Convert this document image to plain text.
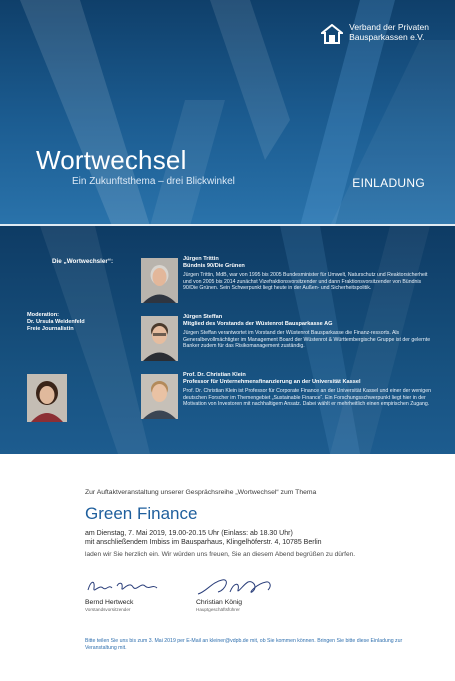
Verband der Privaten
Bausparkassen e.V.
Wortwechsel
Ein Zukunftsthema – drei Blickwinkel	EINLADUNG
Die „Wortwechsler“:
Moderation:
Dr. Ursula Weidenfeld
Freie Journalistin
Jürgen Trittin
Bündnis 90/Die Grünen
Jürgen Trittin, MdB, war von 1995 bis 2005 Bundesminister für Umwelt, Naturschutz und Reaktorsicherheit und von 2005 bis 2014 zunächst Vizefraktionsvorsitzender und dann Fraktionsvorsitzender von Bündnis 90/Die Grünen. Sein Schwerpunkt liegt heute in der Außen- und Sicherheitspolitik.
Jürgen Steffan
Mitglied des Vorstands der Wüstenrot Bausparkasse AG
Jürgen Steffan verantwortet im Vorstand der Wüstenrot Bausparkasse die Finanz-ressorts. Als Generalbevollmächtigter im Management Board der Wüstenrot & Württembergische Gruppe ist der gelernte Banker zudem für das Risikomanagement zuständig.
Prof. Dr. Christian Klein
Professor für Unternehmensfinanzierung an der Universität Kassel
Prof. Dr. Christian Klein ist Professor für Corporate Finance an der Universität Kassel und einer der wenigen deutschen Forscher im Themengebiet „Sustainable Finance“. Ein Forschungsschwerpunkt liegt hier in der Motivation von Investoren mit nachhaltigem Ansatz. Dabei wählt er mehrheitlich einen empirischen Zugang.
Zur Auftaktveranstaltung unserer Gesprächsreihe „Wortwechsel“ zum Thema
Green Finance
am Dienstag, 7. Mai 2019, 19.00-20.15 Uhr (Einlass: ab 18.30 Uhr)
mit anschließendem Imbiss im Bausparhaus, Klingelhöferstr. 4, 10785 Berlin
laden wir Sie herzlich ein. Wir würden uns freuen, Sie an diesem Abend begrüßen zu dürfen.
Bernd Hertweck
Vorstandsvorsitzender
Christian König
Hauptgeschäftsführer
Bitte teilen Sie uns bis zum 3. Mai 2019 per E-Mail an kleiner@vdpb.de mit, ob Sie kommen können. Bringen Sie bitte diese Einladung zur Veranstaltung mit.
